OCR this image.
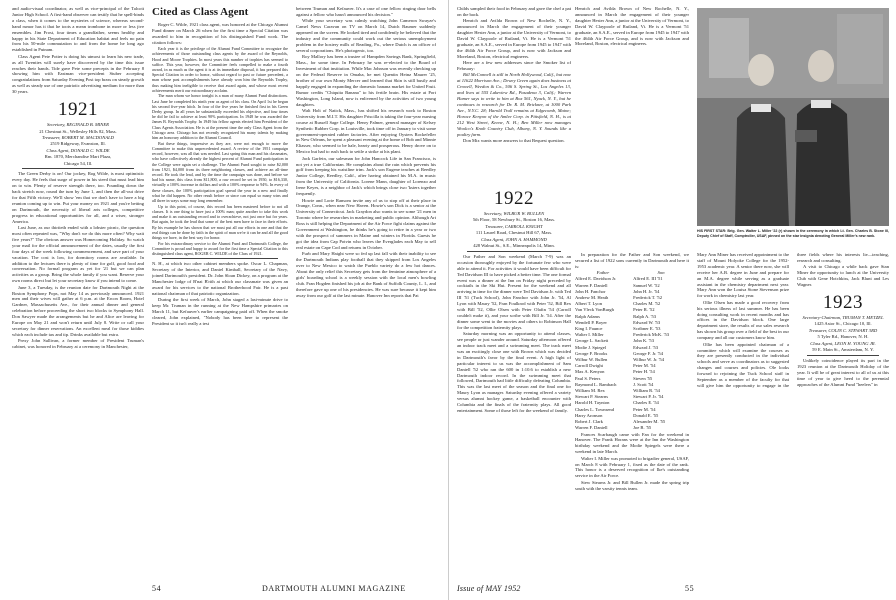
and audio-visual coordinator, as well as vice-principal of the Talcott Junior High School. A first-hand observer can testify that he spell-binds a class, when it comes to the mysteries of science, whereas second-hand rumor has it that he toots a mean trombone in more or less jive ensembles. Jim Frost, four times a grandfather, seems healthy and happy in his State Department of Education habitat and feels no pain from his 50-mile commutation to and from the home he long ago established in Putnam.

Class Agent Pete Potter is doing his utmost to learn his new trade, as all Twenties will surely have discovered by the time this issue reaches their hands. Tide gave Pete some precepts in the February 8 showing him with Eastman vice-president Stuber accepting congratulations from Saturday Evening Post top brass on steady growth as well as steady use of one patriotic advertising medium for more than 30 years.

1921

Secretary, REGINALD B. MINER

21 Chestnut St., Wellesley Hills 82, Mass.

Treasurer, ROBERT M. MACDONALD

2519 Ridgeway, Evanston, Ill.

Class Agent, DONALD C. WILDE

Rm. 1870, Merchandise Mart Plaza,

Chicago 54, Ill.

The Green Derby is on! Our jockey, Rog Wilde, is most optimistic every day. He feels that surge of power in his steed that must lead him on to win. Plenty of reserve strength there, too. Pounding down the back stretch now, round the turn by June 1, and then the all-out drive for that Fifth victory. We'll show 'em that we don't have to have a big reunion coming up to win. Put your money on 1921 and you're betting on Dartmouth, the necessity of liberal arts colleges, competitive progress in educational opportunities for all, and a wiser, stronger America.

Last June, as our thirtieth ended with a lobster picnic, the question most often repeated was, "Why don't we do this more often? Why wait five years?" The obvious answer was Homecoming Holiday. So watch your mail for the official announcement of the dates, usually the first four days of the week following commencement, and save part of your vacation. The cost is low, for dormitory rooms are available. In addition to the lectures there is plenty of time for golf, good food and conversation. No formal program as yet for '21 but we can plan activities as a group. Bring the whole family if you want. Reserve your own rooms direct but let your secretary know if you intend to come.

June 3, a Tuesday, is the reunion date for Dartmouth Night at the Boston Symphony Pops, not May 14 as previously announced. 1921 men and their wives will gather at 6 p.m. at the Ercon Room, Hotel Gardner, Massachusetts Ave., for their annual dinner and general celebration before proceeding the short two blocks to Symphony Hall. Don Sawyer made the arrangements but he and Alice are leaving for Europe on May 21 and won't return until July 8. Write or call your secretary for dinner reservations. An excellent meal for those kiddies which each include tax and tip. Drinks available but extra.

Prexy John Sullivan, a former member of President Truman's cabinet, was honored in February at a ceremony in Manchester,

Cited as Class Agent

Roger C. Wilde, 1921 class agent, was honored at the Chicago Alumni Fund dinner on March 26 when for the first time a Special Citation was awarded to him in recognition of his distinguished Fund work. The citation follows:

Each year it is the privilege of the Alumni Fund Committee to recognize the achievements of those outstanding class agents by the award of the Reynolds, Hood and Moore Trophies. In most years this number of trophies has seemed to suffice. This year, however, the Committee feels compelled to make a fourth award, in as much as the agent it is at its immediate disposal, it has prepared this Special Citation in order to honor, without regard to past or future precedent, a man whose past accomplishments have already won him the Reynolds Trophy, thus making him ineligible to receive that award again, and whose most recent achievements merit our extraordinary acclaim.

The man whom we honor tonight is a man of many Alumni Fund distinctions. Last June he completed his ninth year as agent of his class. On April 1st he begun his second five-year hitch. In four of the five years he finished first in his Green Derby group. In all years he substantially exceeded his objective, and four times he did he fail to achieve at least 90% participation. In 1948 he was awarded the James B. Reynolds Trophy. In 1949 his fellow agents elected him President of the Class Agents Association. He is at the present time the only Class Agent from the Chicago area. Chicago has not recently recognized his many talents by making him an honorary addition to the Alumni Council.

But these things, impressive as they are, were not enough to move the Committee to make this unprecedented award. A review of the 1951 campaign record, however, was all that was needed. Last spring this man and his classmates, who have collectively already the highest percent of Alumni Fund participation in the College were again set a challenge. The Alumni Fund sought to raise $2,000 from 1921, $4,000 from its three neighboring classes, and achieve an all-time record. He took the lead, and by the time the campaign was done, and before we had his name, this class from $11,800, a raw record he set in 1950, to $16,330, virtually a 100% increase in dollars and with a 100% response to 94%. In every of these classes, the 100% participation goal spread the year in a new and finally what he did happen. No other result before or since can equal so many wins and all three in ways some may long remember.

Up to this point, of course, this record has been mastered before to not all classes. It is one thing to have just a 100% man; quite another to take this work and make it an outstanding record and to overachieve, not just once but for years. But again, he took the lead that some of the best men have to face in their efforts. By his example he has shown that we must put all our efforts in one and that the real things can be done by faith in the spirit of man we're it can be and all the good things we have, in the best way for honor.

For his extraordinary service to the Alumni Fund and Dartmouth College, the Committee is proud and happy to award for the first time a Special Citation to this distinguished class agent, ROGER C. WILDE of the Class of 1921.

N. H., at which two other cabinet members spoke. Oscar L. Chapman, Secretary of the Interior, and Daniel Kimball, Secretary of the Navy, joined Dartmouth's president. Dr. John Sloan Dickey, on a program at the Manchester lodge of B'nai B'rith at which our classmate was given an award for his services to the national Brotherhood Fair. He is a past national chairman of that patriotic organization.

During the first week of March, John staged a last-minute drive to keep Mr. Truman in the running at the New Hampshire primaries on March 11, but Kefauver's earlier campaigning paid off. When the smoke cleared, John explained, "Nobody has been here to represent the President so it isn't really a test

between Truman and Kefauver. It's a case of one fellow ringing door bells against a fellow who hasn't announced his decision."

While your secretary was calmly watching John Cameron Swayze's Camel News Caravan on TV on March 14, Dutch Baumer suddenly appeared on the screen. He looked tired and confidently he believed that the industry and the community could work out the serious unemployment problem in the hosiery mills of Reading, Pa., where Dutch is an officer of several corporations. He's photogenic, too.

Roy Mallory has been a trustee of Hampden Savings Bank, Springfield, Mass., for some time. In February he was re-elected to the Board of Investment of that institution. While Mac Johnson was recently checking up on the Federal Reserve in Omaha, he met Quentin Heinz Maurer '25, brother of our own Monty Mercer and learned that Skin is still busily and happily engaged in expanding the domestic banana market for United Fruit. Rumor credits "Chiquita Banana" to his fertile brain. His estate at Port Washington, Long Island, now is enlivened by the activities of two young daughters.

Walt Holt of Natick, Mass., has shifted his research work to Boston University from M.I.T. His daughter Priscilla is taking the four-year nursing course at Russell Sage College. Henry Palmer, general manager of Kelsey Synthetic Rubber Corp. in Louisville, took time off in January to visit some government-operated rubber factories. After enjoying Oysters Rockefeller in New Orleans, he spent a pleasant evening at the home of Bob and Minnie Eliasser, who seemed to be hale, hearty and prosperous. Henry drove on to Mexico but had to rush back to settle a strike at his plant.

Jack Garfein, our salesman for John Hancock Life in San Francisco, is not yet a true Californian. He complains about the rain which prevents his golf from keeping his waistline trim. Jack's son Eugene teaches at Reedley Junior College, Reedley, Calif., after having obtained his M.A. in music from the University of California. Lorene Mann, daughter of Lorenzo and Irene Keyes, is a neighbor of Jack's which brings close two 'ksters together frequently.

Howie and Lorie Ransom invite any of us to stop off at their place in Orange, Conn., when near New Haven. Howie's son Dick is a senior at the University of Connecticut. Jack Graydon also wants to see some '21 men in Toronto where he researches in marketing and public opinion. Although Art Ross is still helping the Department of the Air Force fight claims against the Government at Washington, he thinks he's going to retire in a year or two with the prospect of summers in Maine and winters in Florida. Guests he got the idea from Cap Potvin who leaves the Everglades each May to sell real estate on Cape Cod and returns in October.

Furb and Mary Haight were so fed up last fall with their inability to see the Dartmouth Indians play football that they skipped from Los Angeles over to New Mexico to watch the Pueblo variety do a few hot dances. About the only relief this Secretary gets from the feminine atmosphere of a girls' boarding school is a weekly session with the local men's bowling club. Fran Hogden finished his job at the Bank of Suffolk County, L. I., and therefore gave up one of his presidencies. He was sure because it kept him away from our golf at the last minute. Hanover Inn reports that Pat

54	DARTMOUTH ALUMNI MAGAZINE

Childs sampled their food in February and gave the chef a pat on the back.

Henrich and Avilda Brown of New Rochelle, N. Y., announced in March the engagement of their younger daughter Hester Ann, a junior at the University of Vermont, to David W. Claypoole of Rutland, Vt. He is a Vermont '51 graduate, an S.A.E., served in Europe from 1945 to 1947 with the 464th Air Force Group, and is now with Jackson and Moreland, Boston, electrical engineers.

Here are a few new addresses since the Smoker list of February:

Bill McConnell is still in North Hollywood, Calif., but now at 11622 Morrison Ave.; Dewey Green again does business at Crowell, Weedon & Co., 506 S. Spring St., Los Angeles 13, and lives at 555 Lakeview Rd., Pasadena 3, Calif.; Warren Hamer says to write to him at Box 561, Nyack, N. Y., but he continues to research for Dr. R. M. Brickner, at 1000 Park Ave., N.Y.C. 28; Harold Trull remains at Edgecomb, Maine; Horace Kenyon of the Amlee Corp. in Pittsfield, N. H., is at 212 West Street, Keene, N. H.; Ben Miller now manages Woolco's Knob Country Club, Albany, N. Y. Sounds like a poultry farm.

Don Mix wants more answers to that Bequest question.

Henrich and Avilda Brown of New Rochelle, N. Y., announced in March the engagement of their younger daughter Hester Ann, a junior at the University of Vermont, to David W. Claypoole of Rutland, Vt. He is a Vermont '51 graduate, an S.A.E., served in Europe from 1945 to 1947 with the 464th Air Force Group, and is now with Jackson and Moreland, Boston, electrical engineers.

HIS FIRST STAR: Brig. Gen. Walter L. Miller '22 (r) shown in the ceremony in which Lt. Gen. Charles B. Stone III, Deputy Chief of Staff, Comptroller, USAF, pinned on the star insignia denoting General Miller's new rank.
1922

Secretary, WILBUR W. BULLEN

5th Floor, 58 Newbury St., Boston 16, Mass.

Treasurer, CARROLL KNIGHT

111 Laurel Road, Chestnut Hill 67, Mass.

Class Agent, JOHN A. HAMMOND

428 Walnut St., S.E., Minneapolis 14, Minn.

Our Father and Son weekend (March 7-9) was an occasion thoroughly enjoyed by the fortunate few who were able to attend it. For activities it would have been difficult for Ted Davidson III to have picked a better time. The one formal event was a dinner at the Inn on Friday night preceded by cocktails in the Ski Hut. Present for the weekend and all arriving in time for the dinner were Ted Davidson Jr. with Ted III '51 (Tuck School), John Fanchor with John Jr. '54, Al Lyon with Maury '52, Fran Foulkrod with Peter '52, Bill Rex with Bill '52, Ollie Olsen with Peter Olafin '54 (Carroll couldn't make it), and your scribe with Bill Jr. '54. After the dinner some went to the movies and others to Robinson Hall for the competition fraternity plays.

Saturday morning was an opportunity to attend classes, see people or just wander around. Saturday afternoon offered an indoor track meet and a swimming meet. The track meet was an excitingly close one with Brown which was decided in Dartmouth's favor by the final event. A high light of particular interest to us was the accomplishment of Sam Daniell '52 who ran the 600 in 1:10.6 to establish a new Dartmouth indoor record. In the swimming meet that followed, Dartmouth had little difficulty defeating Columbia. This was the last meet of the season and the final one for Maury Lyon as manager. Saturday evening offered a variety versus alumni hockey game, a basketball encounter with Columbia and the finals of the fraternity plays. All good entertainment. Some of those left for the weekend of family.

In preparation for the Father and Son weekend, we secured a list of 1922 sons currently in Dartmouth and here it is:

Father	Son
Alfred E. Davidson Jr.	Alfred E. III '51
Warren F. Daniell	Samuel W. '52
John H. Fanchor	John H. Jr. '54
Andrew M. Heath	Frederick T. '52
Albert T. Lyon	Charles M. '52
Van Vleck VonBurgh	Peter R. '52
Ralph Adams	Ralph A. '53
Wendell P. Boyer	Edward W. '53
King I. Faunce	Scribner E. '53
Walter I. Miller	Frederick McK. '53
George L. Sackett	John K. '53
Modie J. Spiegel	Edward J. '53
George F. Brooks	George F. Jr. '54
Wilbur W. Bullen	Wilbur W. Jr. '54
Carroll Dwight	Peter M. '54
Max A. Kenyon	Peter H. '54
Paul S. Peters	Steven '55
Raymond L. Rambach	J. Scott '54
William M. Rex	William R. '54
Stewart P. Stearns	Stewart P. Jr. '54
Harold H. Taynton	Charles E. '54
Charles L. Townsend	Peter M. '54
Harry Aronson	Donald E. '55
Robert J. Clark	Alexander M. '55
Warren F. Daniell	Joe B. '55

Frances Scarbaugh came with Fan for the weekend in Hanover. The Frank Horans were at the Inn the Washington birthday weekend and the Modie Spiegels were there a weekend in late March.

Walter I. Miller was promoted to brigadier general, USAF, on March 8 with February 1, fixed as the date of the rank. This honor is a deserved recognition of Ike's outstanding service in the Air Force.

Stew Stearns Jr. and Bill Bullen Jr. made the spring trip south with the varsity tennis team.

Mary Ann Miner has received appointment to the staff of Mount Holyoke College for the 1952-1953 academic year. A senior there now, she will receive her A.B. degree in June and prepare for an M.A. degree while serving as a graduate assistant in the chemistry department next year. Mary Ann won the Louisa Stone Stevenson prize for work in chemistry last year.

Ollie Olsen has made a good recovery from his serious illness of last summer. He has been doing consulting work in recent months and has offices in the Davidson block. One large department store, the results of our sales research has shown his group over a field of the best in our company and all our customers know him.

Ollie has been appointed chairman of a committee which will examine the courses as they are presently conducted in the individual schools and serve as coordinators as to suggested changes and courses and policies. Ole looks forward to rejoining the Tuck School staff in September as a member of the faculty for that will give him the opportunity to engage in the three fields where his interests lie—teaching, research and consulting.

A visit to Chicago a while back gave Stan Miner the opportunity to lunch at the University Club with Gene Hotchkiss, Jack Blunt and Les Wagner.

1923

Secretary-Chairman, TRUMAN T. METZEL

1425 Astor St., Chicago 10, Ill.

Treasurer, COLIN C. STEWART 3RD

5 Tyler Rd., Hanover, N. H.

Class Agent, LEON H. YOUNG JR.

59 E. Main St., Amsterdam, N. Y.

Unlikely coincidence played its part in the 1923 reunion at the Dartmouth Holiday of the year. It will be of great interest to all of us at this time of year to give heed to the perennial approaches of the Alumni Fund "heelers" in

Issue of MAY 1952	55
